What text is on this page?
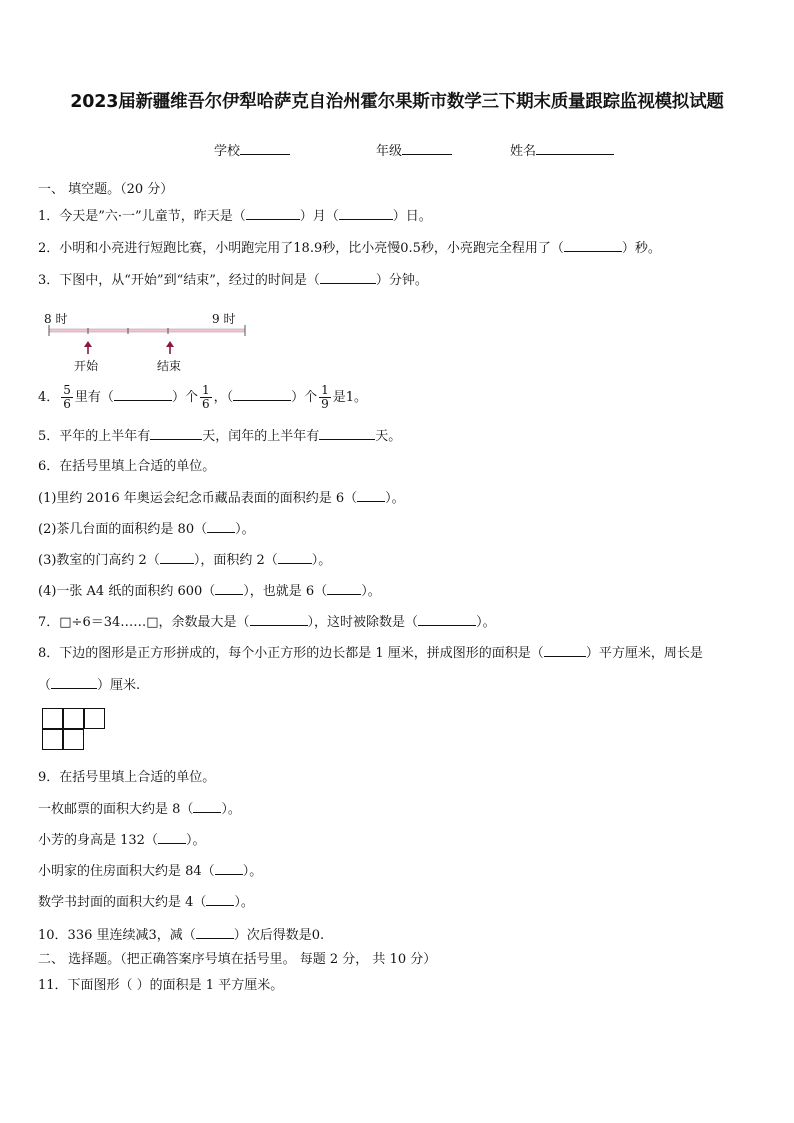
2023届新疆维吾尔伊犁哈萨克自治州霍尔果斯市数学三下期末质量跟踪监视模拟试题
学校	年级	姓名
一、 填空题。（20 分）
1．今天是”六·一”儿童节，昨天是（	）月（	）日。
2．小明和小亮进行短跑比赛，小明跑完用了18.9秒，比小亮慢0.5秒，小亮跑完全程用了（	）秒。
3．下图中，从“开始”到“结束”，经过的时间是（	）分钟。
8 时	9 时
开始	结束
4． $\frac{5}{6}$ 里有（	）个 $\frac{1}{6}$ ，（	）个 $\frac{1}{9}$ 是1。
5．平年的上半年有	天，闰年的上半年有	天。
6．在括号里填上合适的单位。
(1)里约 2016 年奥运会纪念币藏品表面的面积约是 6（ ）。
(2)茶几台面的面积约是 80（ ）。
(3)教室的门高约 2（	），面积约 2（	）。
(4)一张 A4 纸的面积约 600（ ），也就是 6（	）。
7．□÷6＝34……□，余数最大是（	），这时被除数是（	）。
8．下边的图形是正方形拼成的，每个小正方形的边长都是 1 厘米，拼成图形的面积是（	）平方厘米，周长是
（	）厘米.
9．在括号里填上合适的单位。
一枚邮票的面积大约是 8（ ）。
小芳的身高是 132（ ）。
小明家的住房面积大约是 84（ ）。
数学书封面的面积大约是 4（ ）。
10．336 里连续减3，减（	）次后得数是0.
二、 选择题。（把正确答案序号填在括号里。 每题 2 分， 共 10 分）
11．下面图形（ ）的面积是 1 平方厘米。
